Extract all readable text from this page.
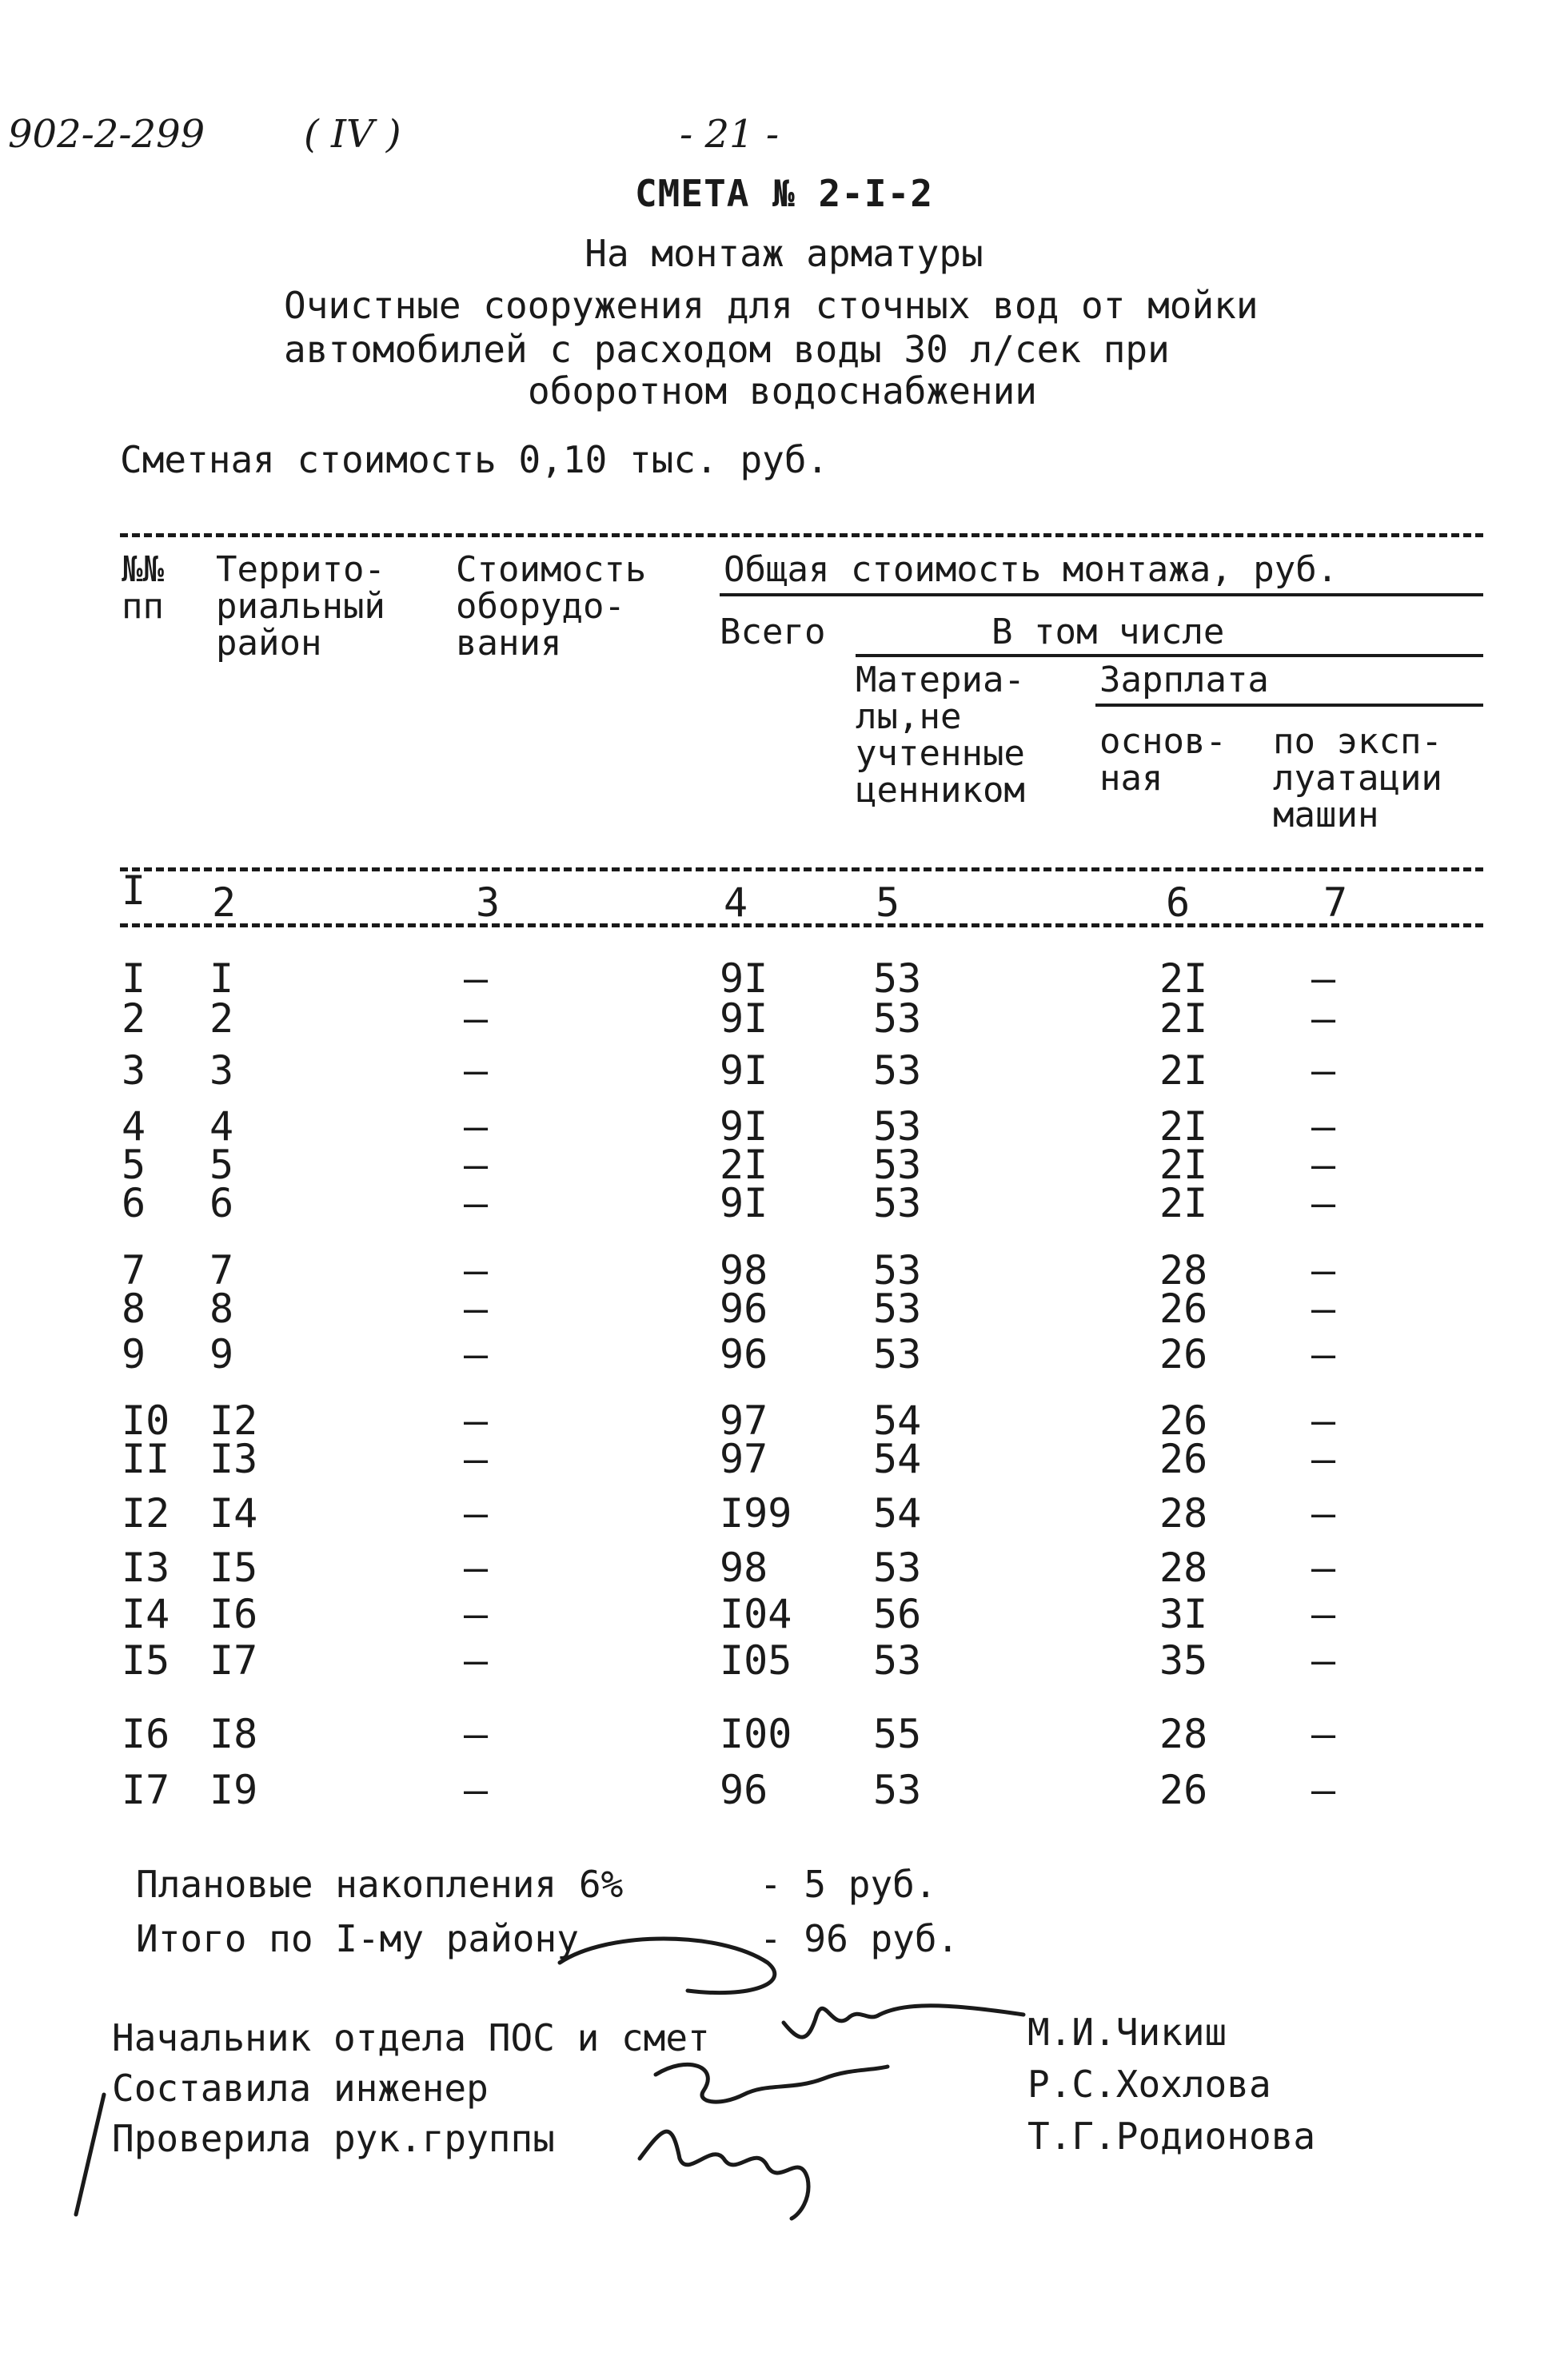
902-2-299	( IV )	- 21 -
СМЕТА № 2-I-2
На монтаж арматуры
Очистные сооружения для сточных вод от мойки
автомобилей с расходом воды 30 л/сек при
оборотном водоснабжении
Сметная стоимость 0,10 тыс. руб.
№№
пп
Террито-
риальный
район
Стоимость
оборудо-
вания
Общая стоимость монтажа, руб.
Всего	В том числе
Материа-
лы,не
учтенные
ценником
Зарплата
основ-
ная
по эксп-
луатации
машин
I 2	3	4	5	6	7
I I	–	9I	53	2I	–
2 2	–	9I	53	2I	–
3 3	–	9I	53	2I	–
4 4	–	9I	53	2I	–
5 5	–	2I	53	2I	–
6 6	–	9I	53	2I	–
7 7	–	98	53	28	–
8 8	–	96	53	26	–
9 9	–	96	53	26	–
I0 I2	–	97	54	26	–
II I3	–	97	54	26	–
I2 I4	–	I99 54	28	–
I3 I5	–	98	53	28	–
I4 I6	–	I04 56	3I	–
I5 I7	–	I05 53	35	–
I6 I8	–	I00 55	28	–
I7 I9	–	96	53	26	–
Плановые накопления 6%	- 5 руб.
Итого по I-му району	- 96 руб.
Начальник отдела ПОС и смет	М.И.Чикиш
Составила инженер	Р.С.Хохлова
Проверила рук.группы	Т.Г.Родионова
